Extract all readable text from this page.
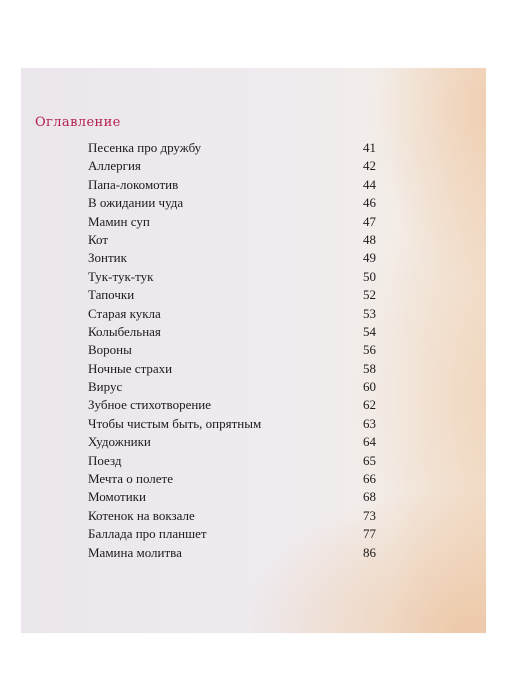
Оглавление
Песенка про дружбу	41
Аллергия	42
Папа-локомотив	44
В ожидании чуда	46
Мамин суп	47
Кот	48
Зонтик	49
Тук-тук-тук	50
Тапочки	52
Старая кукла	53
Колыбельная	54
Вороны	56
Ночные страхи	58
Вирус	60
Зубное стихотворение	62
Чтобы чистым быть, опрятным	63
Художники	64
Поезд	65
Мечта о полете	66
Момотики	68
Котенок на вокзале	73
Баллада про планшет	77
Мамина молитва	86
